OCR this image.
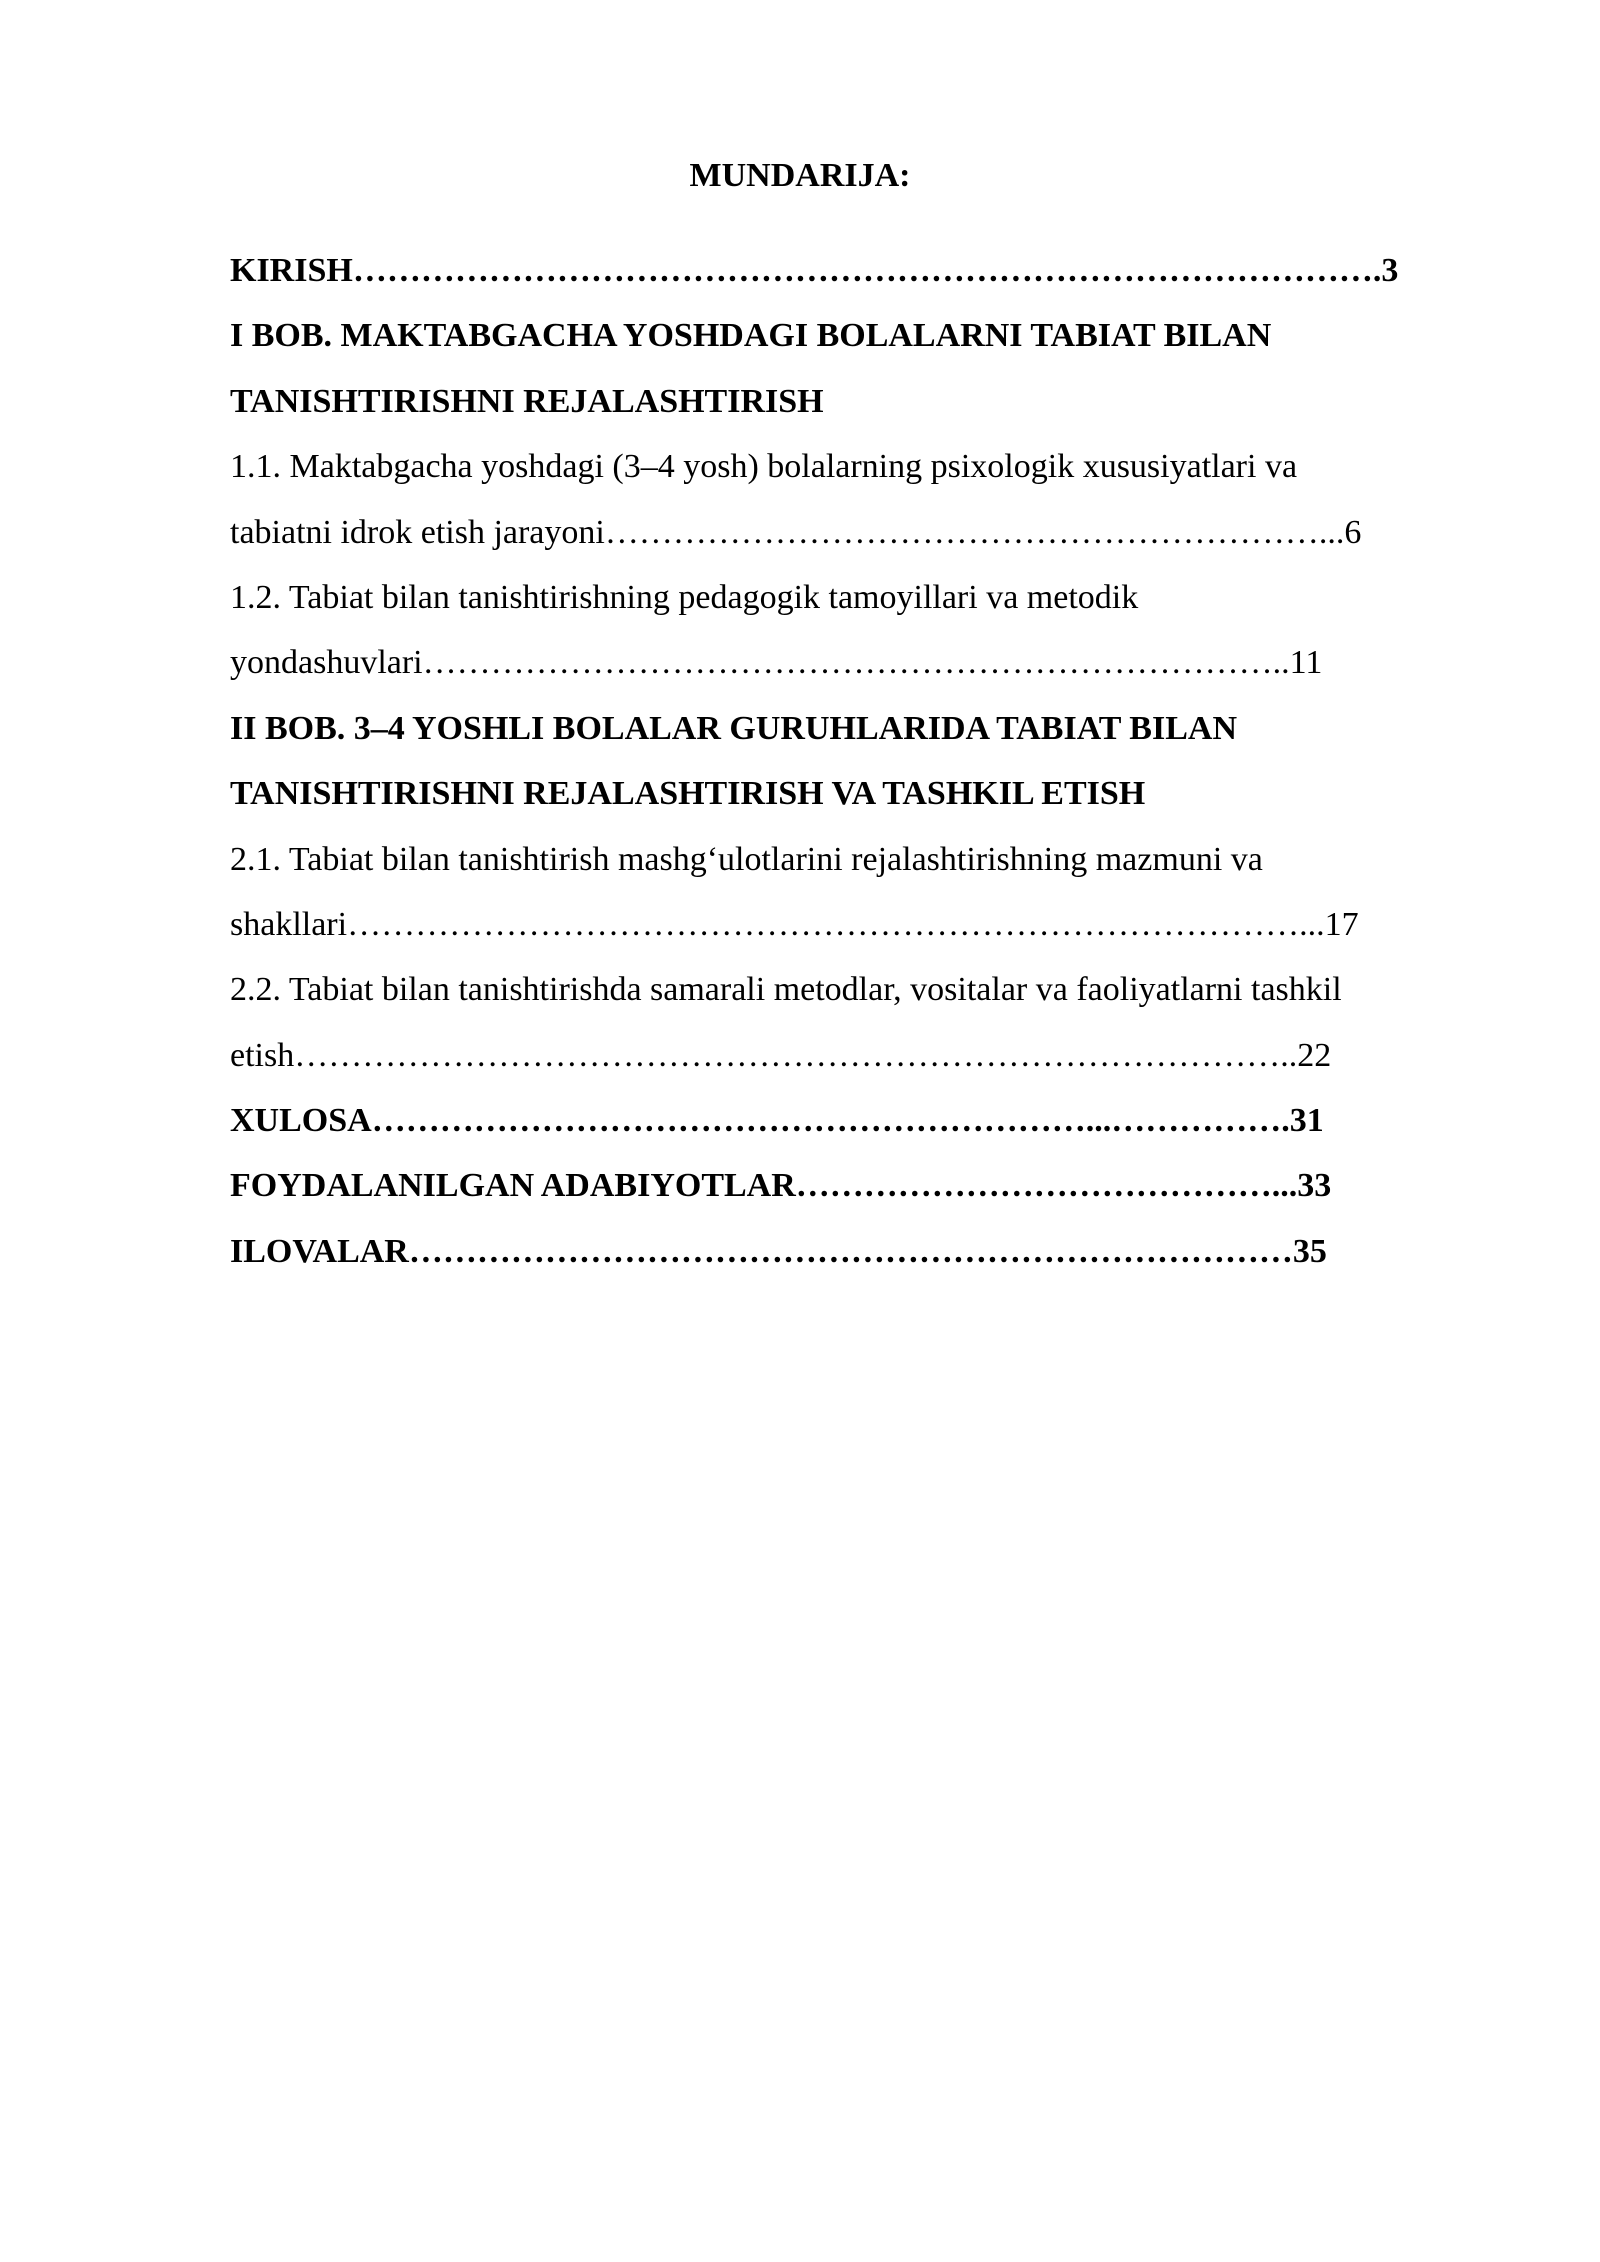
MUNDARIJA:
KIRISH……………………………………………………………………………….3
I BOB. MAKTABGACHA YOSHDAGI BOLALARNI TABIAT BILAN
TANISHTIRISHNI REJALASHTIRISH
1.1. Maktabgacha yoshdagi (3–4 yosh) bolalarning psixologik xususiyatlari va
tabiatni idrok etish jarayoni………………………………………………………...6
1.2. Tabiat bilan tanishtirishning pedagogik tamoyillari va metodik
yondashuvlari…………………………………………………………………..11
II BOB. 3–4 YOSHLI BOLALAR GURUHLARIDA TABIAT BILAN
TANISHTIRISHNI REJALASHTIRISH VA TASHKIL ETISH
2.1. Tabiat bilan tanishtirish mashg‘ulotlarini rejalashtirishning mazmuni va
shakllari…………………………………………………………………………...17
2.2. Tabiat bilan tanishtirishda samarali metodlar, vositalar va faoliyatlarni tashkil
etish……………………………………………………………………………..22
XULOSA………………………………………………………...…………….31
FOYDALANILGAN ADABIYOTLAR……………………………………...33
ILOVALAR……………………………………………………………………35
